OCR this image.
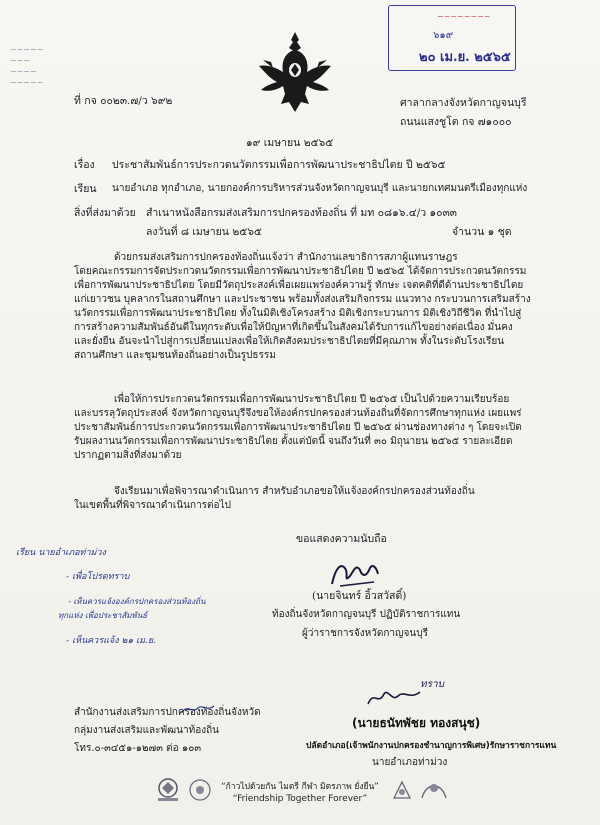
~~~~~
~~~
~~~~
~~~~~
ที่ กจ ๐๐๒๓.๗/ว ๖๙๒
~~~~~~~~
๖๑๙
๒๐ เม.ย. ๒๕๖๕
ศาลากลางจังหวัดกาญจนบุรี
ถนนแสงชูโต กจ ๗๑๐๐๐
๑๙ เมษายน ๒๕๖๕
เรื่อง ประชาสัมพันธ์การประกวดนวัตกรรมเพื่อการพัฒนาประชาธิปไตย ปี ๒๕๖๕
เรียน นายอำเภอ ทุกอำเภอ, นายกองค์การบริหารส่วนจังหวัดกาญจนบุรี และนายกเทศมนตรีเมืองทุกแห่ง
สิ่งที่ส่งมาด้วย สำเนาหนังสือกรมส่งเสริมการปกครองท้องถิ่น ที่ มท ๐๘๑๖.๔/ว ๑๐๓๓
ลงวันที่ ๘ เมษายน ๒๕๖๕	จำนวน ๑ ชุด
ด้วยกรมส่งเสริมการปกครองท้องถิ่นแจ้งว่า สำนักงานเลขาธิการสภาผู้แทนราษฎร
โดยคณะกรรมการจัดประกวดนวัตกรรมเพื่อการพัฒนาประชาธิปไตย ปี ๒๕๖๕ ได้จัดการประกวดนวัตกรรม
เพื่อการพัฒนาประชาธิปไตย โดยมีวัตถุประสงค์เพื่อเผยแพร่องค์ความรู้ ทักษะ เจตคติที่ดีด้านประชาธิปไตย
แก่เยาวชน บุคลากรในสถานศึกษา และประชาชน พร้อมทั้งส่งเสริมกิจกรรม แนวทาง กระบวนการเสริมสร้าง
นวัตกรรมเพื่อการพัฒนาประชาธิปไตย ทั้งในมิติเชิงโครงสร้าง มิติเชิงกระบวนการ มิติเชิงวิถีชีวิต ที่นำไปสู่
การสร้างความสัมพันธ์อันดีในทุกระดับเพื่อให้ปัญหาที่เกิดขึ้นในสังคมได้รับการแก้ไขอย่างต่อเนื่อง มั่นคง
และยั่งยืน อันจะนำไปสู่การเปลี่ยนแปลงเพื่อให้เกิดสังคมประชาธิปไตยที่มีคุณภาพ ทั้งในระดับโรงเรียน
สถานศึกษา และชุมชนท้องถิ่นอย่างเป็นรูปธรรม
เพื่อให้การประกวดนวัตกรรมเพื่อการพัฒนาประชาธิปไตย ปี ๒๕๖๕ เป็นไปด้วยความเรียบร้อย
และบรรลุวัตถุประสงค์ จังหวัดกาญจนบุรีจึงขอให้องค์กรปกครองส่วนท้องถิ่นที่จัดการศึกษาทุกแห่ง เผยแพร่
ประชาสัมพันธ์การประกวดนวัตกรรมเพื่อการพัฒนาประชาธิปไตย ปี ๒๕๖๕ ผ่านช่องทางต่าง ๆ โดยจะเปิด
รับผลงานนวัตกรรมเพื่อการพัฒนาประชาธิปไตย ตั้งแต่บัดนี้ จนถึงวันที่ ๓๐ มิถุนายน ๒๕๖๕ รายละเอียด
ปรากฏตามสิ่งที่ส่งมาด้วย
จึงเรียนมาเพื่อพิจารณาดำเนินการ สำหรับอำเภอขอให้แจ้งองค์กรปกครองส่วนท้องถิ่น
ในเขตพื้นที่พิจารณาดำเนินการต่อไป
ขอแสดงความนับถือ
(นายจินทร์ อิ้วสวัสดิ์)
ท้องถิ่นจังหวัดกาญจนบุรี ปฏิบัติราชการแทน
ผู้ว่าราชการจังหวัดกาญจนบุรี
เรียน นายอำเภอท่าม่วง
- เพื่อโปรดทราบ
- เห็นควรแจ้งองค์กรปกครองส่วนท้องถิ่น
ทุกแห่ง เพื่อประชาสัมพันธ์
- เห็นควรแจ้ง ๒๑ เม.ย.
ทราบ
(นายธนัทพัชย ทองสนุช)
ปลัดอำเภอ(เจ้าพนักงานปกครองชำนาญการพิเศษ)รักษาราชการแทน
นายอำเภอท่าม่วง
สำนักงานส่งเสริมการปกครองท้องถิ่นจังหวัด
กลุ่มงานส่งเสริมและพัฒนาท้องถิ่น
โทร.๐-๓๔๕๑-๑๒๗๓ ต่อ ๑๐๓
“ก้าวไปด้วยกัน ไมตรี กีฬา มิตรภาพ ยั่งยืน”
“Friendship Together Forever”
